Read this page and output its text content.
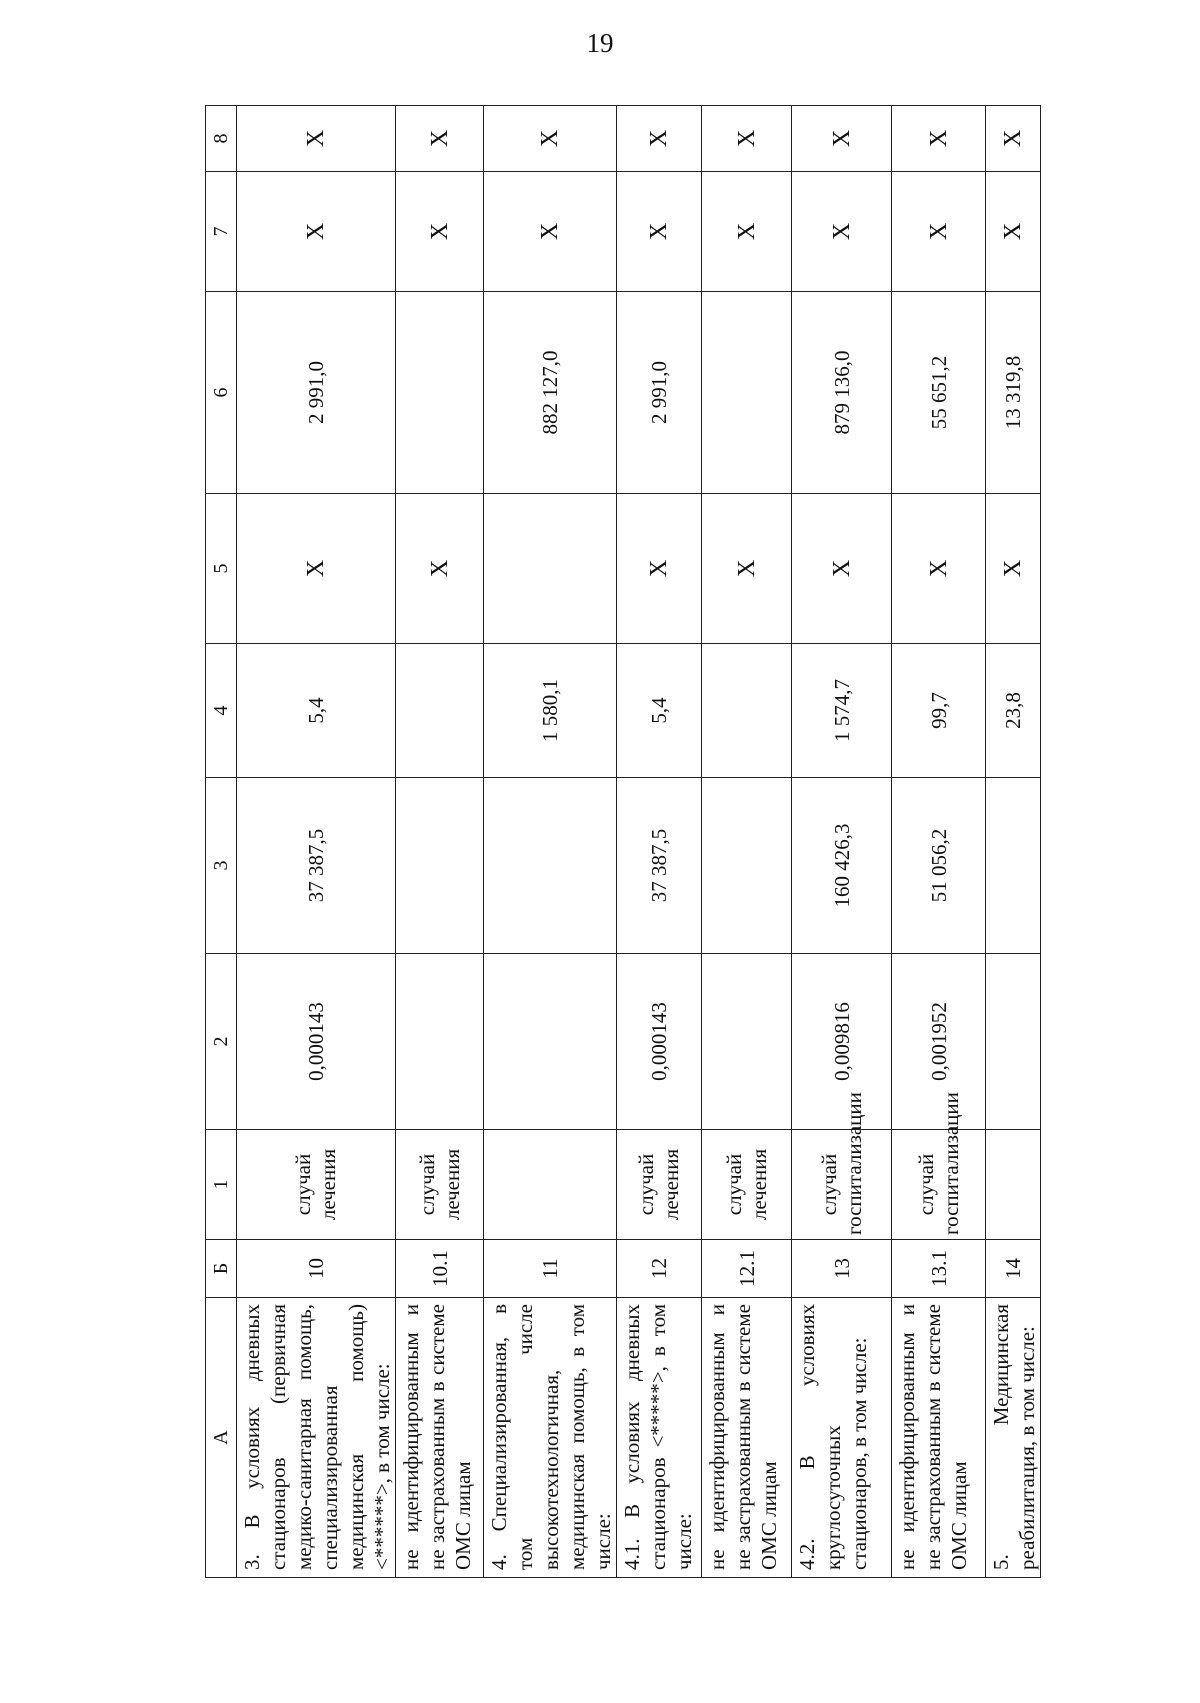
19
А	Б	1	2	3	4	5	6	7	8
3. В условиях дневных стационаров (первичная медико-санитарная помощь, специализированная медицинская помощь) <******>, в том числе:	10	случай лечения	0,000143	37 387,5	5,4	Х	2 991,0	Х	Х
не идентифицированным и не застрахованным в системе ОМС лицам	10.1	случай лечения				Х		Х	Х
4. Специализированная, в том числе высокотехнологичная, медицинская помощь, в том числе:	11				1 580,1		882 127,0	Х	Х
4.1. В условиях дневных стационаров <*****>, в том числе:	12	случай лечения	0,000143	37 387,5	5,4	Х	2 991,0	Х	Х
не идентифицированным и не застрахованным в системе ОМС лицам	12.1	случай лечения				Х		Х	Х
4.2. В условиях круглосуточных стационаров, в том числе:	13	случай госпитализации	0,009816	160 426,3	1 574,7	Х	879 136,0	Х	Х
не идентифицированным и не застрахованным в системе ОМС лицам	13.1	случай госпитализации	0,001952	51 056,2	99,7	Х	55 651,2	Х	Х
5. Медицинская реабилитация, в том числе:	14				23,8	Х	13 319,8	Х	Х
